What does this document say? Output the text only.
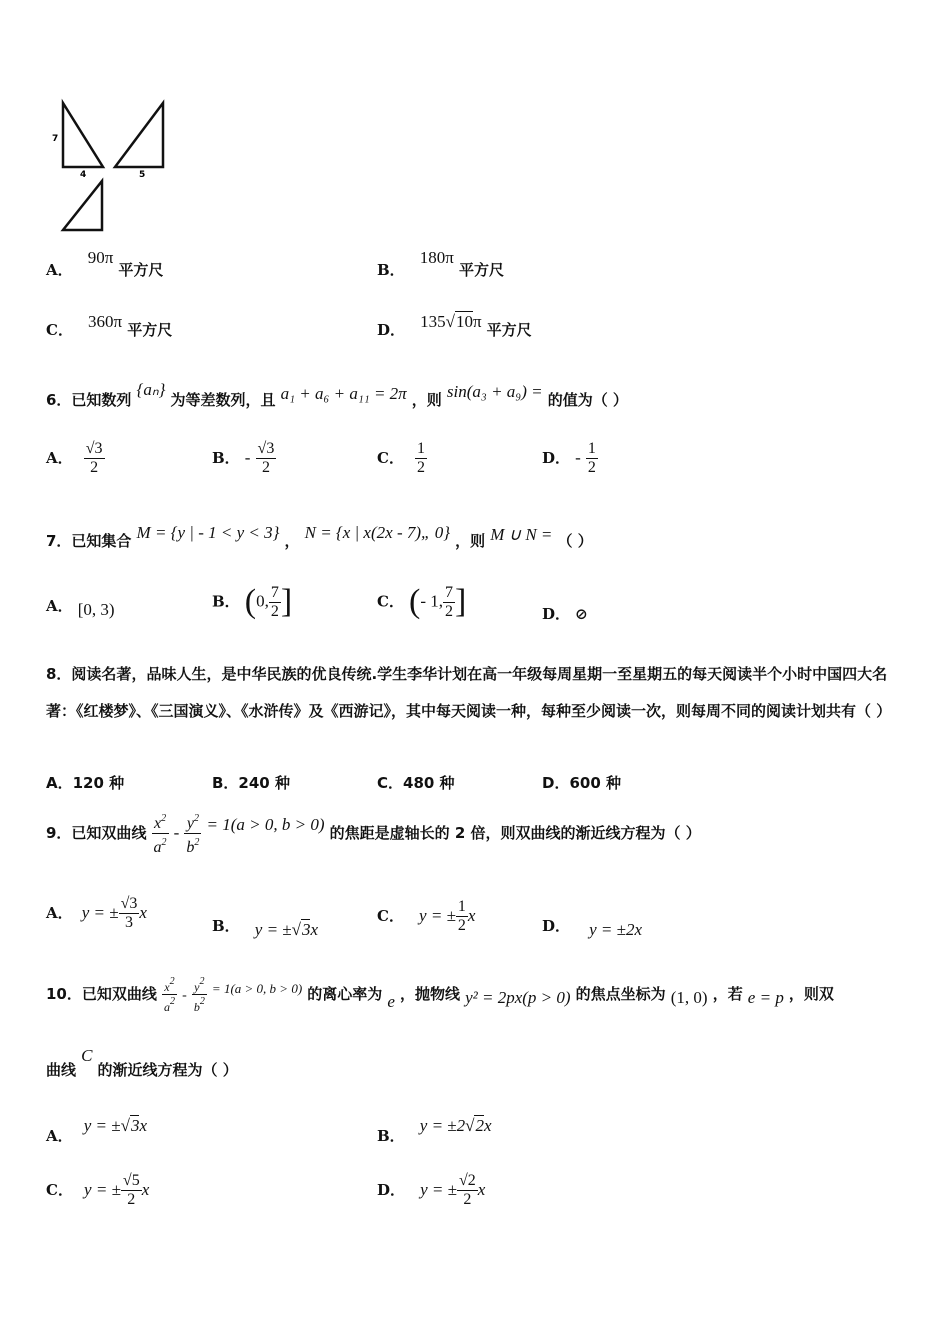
7
4	5
A． 90π 平方尺	B． 180π 平方尺
C． 360π 平方尺	D． 135√10π 平方尺
6．已知数列 {aₙ} 为等差数列，且 a₁ + a₆ + a₁₁ = 2π ，则 sin(a₃ + a₉) = 的值为（ ）
A． $\frac{√3}{2}$	B． - $\frac{√3}{2}$	C． $\frac{1}{2}$	D． - $\frac{1}{2}$
7．已知集合 M = {y | - 1 < y < 3} ， N = {x | x(2x - 7)„ 0} ，则 M ∪ N = （ ）
A． [0, 3)	B． (0, $\frac{7}{2}$ ]	C． (- 1, $\frac{7}{2}$ ]	D． ⊘
8．阅读名著，品味人生，是中华民族的优良传统.学生李华计划在高一年级每周星期一至星期五的每天阅读半个小时中国四大名著：《红楼梦》、《三国演义》、《水浒传》及《西游记》，其中每天阅读一种，每种至少阅读一次，则每周不同的阅读计划共有（ ）
A．120 种	B．240 种	C．480 种	D．600 种
9．已知双曲线 $\frac{x^2}{a^2} - \frac{y^2}{b^2} = 1(a > 0$, b > 0) 的焦距是虚轴长的 2 倍，则双曲线的渐近线方程为（ ）
A． y = ± $\frac{√3}{3}$ x
B． y = ±√3x
C． y = ± $\frac{1}{2}$ x
D． y = ±2x
10．已知双曲线 $\frac{x^2}{a^2} - \frac{y^2}{b^2} ^{= 1(a > 0, b > 0)}$ 的离心率为 e ，抛物线 y² = 2px(p > 0) 的焦点坐标为 (1, 0) ，若 e = p ，则双
曲线 C 的渐近线方程为（ ）
A． y = ±√3x
B． y = ±2√2x
C． y = ± $\frac{√5}{2}$ x	D． y = ± $\frac{√2}{2}$ x
